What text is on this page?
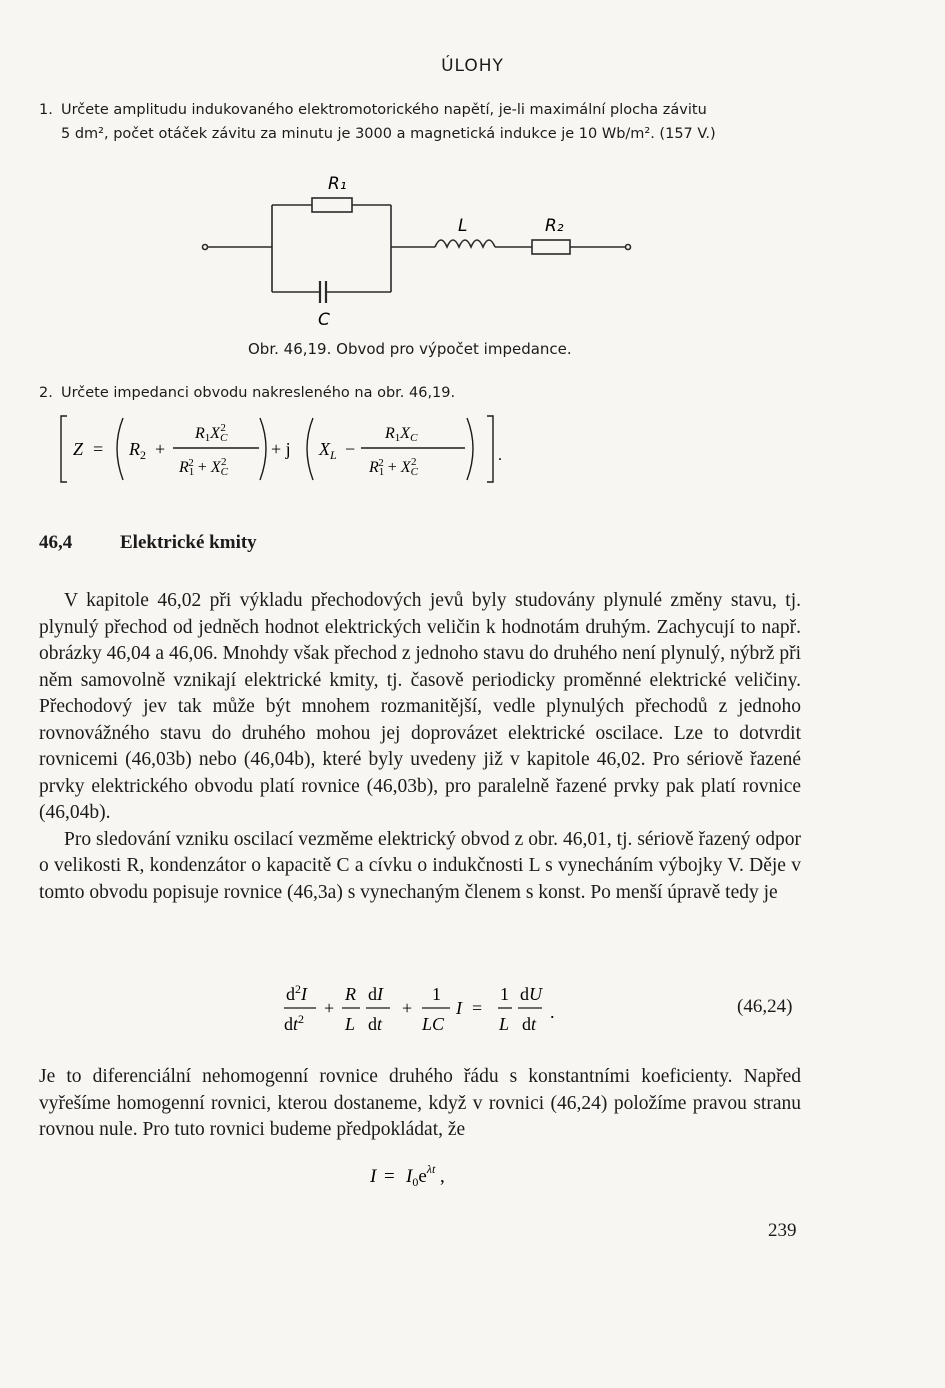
ÚLOHY
1. Určete amplitudu indukovaného elektromotorického napětí, je-li maximální plocha závitu
5 dm², počet otáček závitu za minutu je 3000 a magnetická indukce je 10 Wb/m². (157 V.)
R₁
L	R₂
C
Obr. 46,19. Obvod pro výpočet impedance.
2. Určete impedanci obvodu nakresleného na obr. 46,19.
$Z = R_2$ +
R1XC2
R12 + XC2
+ j $X_L$ −
R1XC
R12 + XC2	.
46,4	Elektrické kmity

V kapitole 46,02 při výkladu přechodových jevů byly studovány plynulé změny stavu, tj. plynulý přechod od jedněch hodnot elektrických veličin k hodnotám druhým. Zachycují to např. obrázky 46,04 a 46,06. Mnohdy však přechod z jednoho stavu do druhého není plynulý, nýbrž při něm samovolně vznikají elektrické kmity, tj. časově periodicky proměnné elektrické veličiny. Přechodový jev tak může být mnohem rozmanitější, vedle plynulých přechodů z jednoho rovnovážného stavu do druhého mohou jej doprovázet elektrické oscilace. Lze to dotvrdit rovnicemi (46,03b) nebo (46,04b), které byly uvedeny již v kapitole 46,02. Pro sériově řazené prvky elektrického obvodu platí rovnice (46,03b), pro paralelně řazené prvky pak platí rovnice (46,04b).

Pro sledování vzniku oscilací vezměme elektrický obvod z obr. 46,01, tj. sériově řazený odpor o velikosti R, kondenzátor o kapacitě C a cívku o indukčnosti L s vynecháním výbojky V. Děje v tomto obvodu popisuje rovnice (46,3a) s vynechaným členem s konst. Po menší úpravě tedy je

$d^2I$
$dt^2$
+
R
L
dI
dt
+
1
LC
I =
1
L
dU
dt
.	(46,24)

Je to diferenciální nehomogenní rovnice druhého řádu s konstantními koeficienty. Napřed vyřešíme homogenní rovnici, kterou dostaneme, když v rovnici (46,24) položíme pravou stranu rovnou nule. Pro tuto rovnici budeme předpokládat, že

$I = I_0e^{\lambda t}$ ,
239
